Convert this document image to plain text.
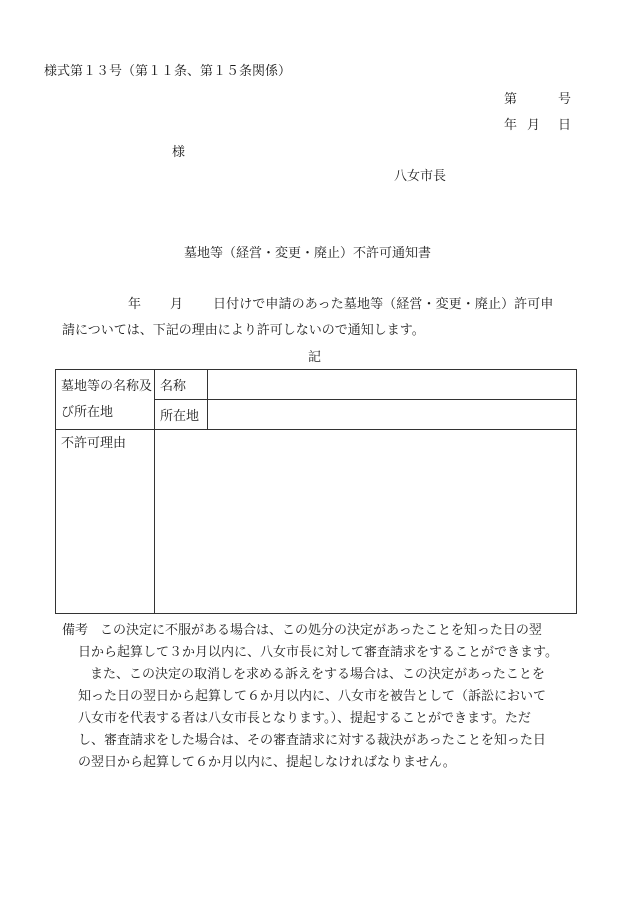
様式第１３号（第１１条、第１５条関係）
第	号
年 月 日
様
八女市長
墓地等（経営・変更・廃止）不許可通知書
年 月 日付けで申請のあった墓地等（経営・変更・廃止）許可申
請については、下記の理由により許可しないので通知します。
記
墓地等の名称及び所在地	名称	
	所在地	
不許可理由		
備考 この決定に不服がある場合は、この処分の決定があったことを知った日の翌
日から起算して３か月以内に、八女市長に対して審査請求をすることができます。
また、この決定の取消しを求める訴えをする場合は、この決定があったことを
知った日の翌日から起算して６か月以内に、八女市を被告として（訴訟において
八女市を代表する者は八女市長となります。）、提起することができます。ただ
し、審査請求をした場合は、その審査請求に対する裁決があったことを知った日
の翌日から起算して６か月以内に、提起しなければなりません。
